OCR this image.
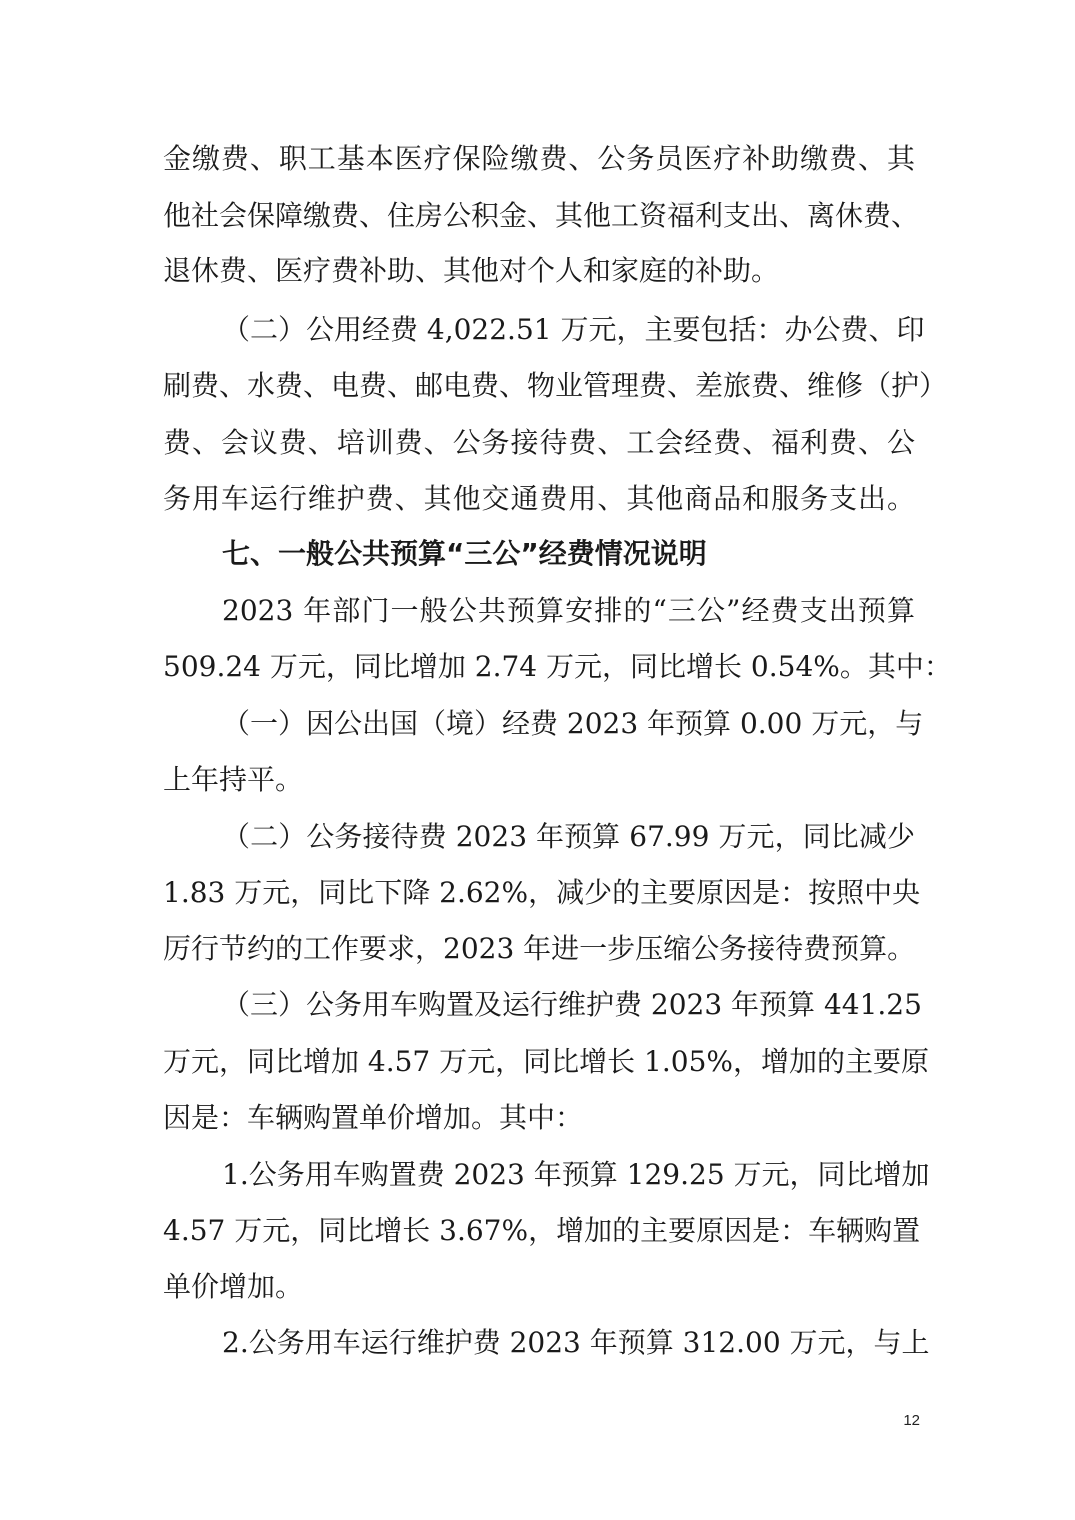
金缴费、职工基本医疗保险缴费、公务员医疗补助缴费、其
他社会保障缴费、住房公积金、其他工资福利支出、离休费、
退休费、医疗费补助、其他对个人和家庭的补助。
（二）公用经费 4,022.51 万元，主要包括：办公费、印
刷费、水费、电费、邮电费、物业管理费、差旅费、维修（护）
费、会议费、培训费、公务接待费、工会经费、福利费、公
务用车运行维护费、其他交通费用、其他商品和服务支出。
七、一般公共预算“三公”经费情况说明
2023 年部门一般公共预算安排的“三公”经费支出预算
509.24 万元，同比增加 2.74 万元，同比增长 0.54%。其中：
（一）因公出国（境）经费 2023 年预算 0.00 万元，与
上年持平。
（二）公务接待费 2023 年预算 67.99 万元，同比减少
1.83 万元，同比下降 2.62%，减少的主要原因是：按照中央
厉行节约的工作要求，2023 年进一步压缩公务接待费预算。
（三）公务用车购置及运行维护费 2023 年预算 441.25
万元，同比增加 4.57 万元，同比增长 1.05%，增加的主要原
因是：车辆购置单价增加。其中：
1.公务用车购置费 2023 年预算 129.25 万元，同比增加
4.57 万元，同比增长 3.67%，增加的主要原因是：车辆购置
单价增加。
2.公务用车运行维护费 2023 年预算 312.00 万元，与上
12
